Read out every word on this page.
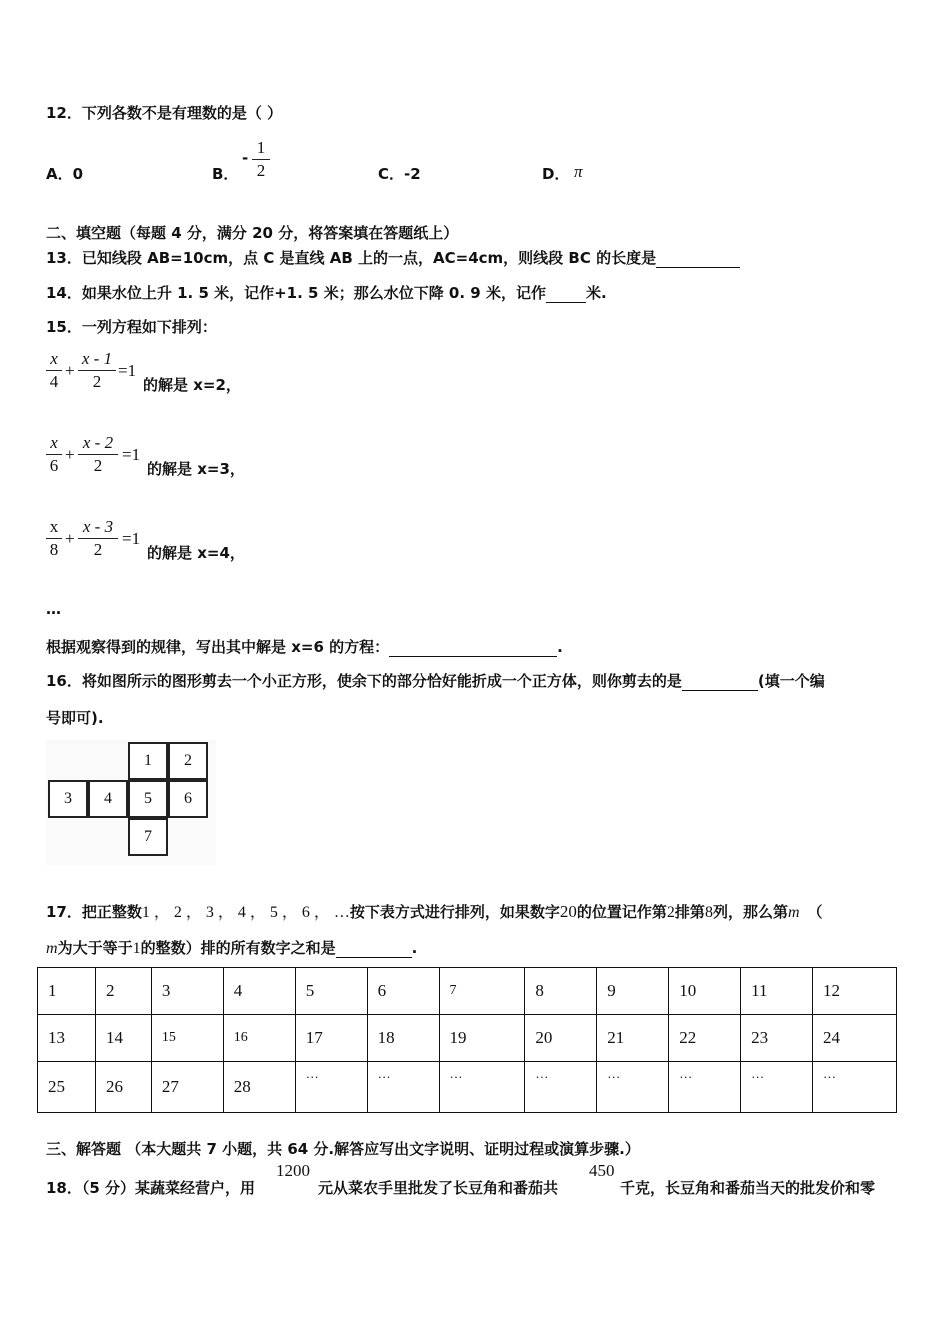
12．下列各数不是有理数的是（ ）
A．0	B．
-
1
2	C．-2	D． π
二、填空题（每题 4 分，满分 20 分，将答案填在答题纸上）
13．已知线段 AB=10cm，点 C 是直线 AB 上的一点，AC=4cm，则线段 BC 的长度是
14．如果水位上升 1. 5 米，记作+1. 5 米；那么水位下降 0. 9 米，记作	米.
15．一列方程如下排列：
x
4
+
x - 1
2
=1
的解是 x=2，
x
6
+
x - 2
2
=1
的解是 x=3，
x
8
+
x - 3
2
=1
的解是 x=4，
…
根据观察得到的规律，写出其中解是 x=6 的方程：	.
16．将如图所示的图形剪去一个小正方形，使余下的部分恰好能折成一个正方体，则你剪去的是	(填一个编
号即可).
1	2
3	4	5	6
7
17．把正整数1 ， 2 ， 3 ， 4 ， 5 ， 6 ， …按下表方式进行排列，如果数字20的位置记作第2排第8列，那么第m （
m为大于等于1的整数）排的所有数字之和是	.
1	2	3	4	5	6	7	8	9	10	11	12
13	14	15	16	17	18	19	20	21	22	23	24
25	26	27	28	…	…	…	…	…	…	…	…
三、解答题 （本大题共 7 小题，共 64 分.解答应写出文字说明、证明过程或演算步骤.）
18．（5 分）某蔬菜经营户，用
1200
元从菜农手里批发了长豆角和番茄共
450
千克，长豆角和番茄当天的批发价和零
